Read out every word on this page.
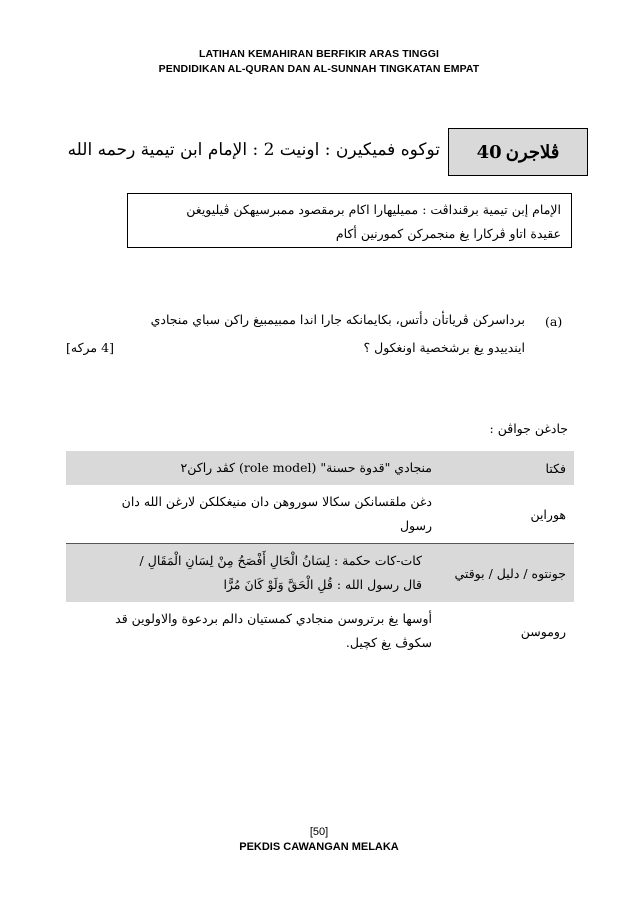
LATIHAN KEMAHIRAN BERFIKIR ARAS TINGGI
PENDIDIKAN AL-QURAN DAN AL-SUNNAH TINGKATAN EMPAT
توکوه فميکيرن : اونيت 2 : الإمام ابن تيمية رحمه الله	ڤلاجرن
40
الإمام إبن تيمية برقنداڤت : مميليهارا اکام برمقصود ممبرسيهکن ڤيليويغن
عقيدة اتاو ڤرکارا يغ منجمرکن کمورنين أکام
(a)
برداسرکن ڤرياتأن دأتس، بکايمانکه جارا اندا ممبيمبيغ راکن سباي منجادي
ايندييدو يغ برشخصية اونغکول ؟
[4 مرکه]
جادغن جواڤن :
فکتا	منجادي "قدوة حسنة" (role model) کڤد راکن٢
هوراين	دغن ملقسانکن سکالا سوروهن دان منيغکلکن لارغن الله دان
رسول

جونتوه / دليل / بوقتي	کات-کات حکمة : لِسَانُ الْحَالِ أَفْصَحُ مِنْ لِسَانِ الْمَقَالِ /
قال رسول الله : قُلِ الْحَقَّ وَلَوْ كَانَ مُرًّا

روموسن	أوسها يغ برتروسن منجادي کمستيان دالم بردعوة والاولوين قد
سکوڤ يغ کچيل.
[50]
PEKDIS CAWANGAN MELAKA
